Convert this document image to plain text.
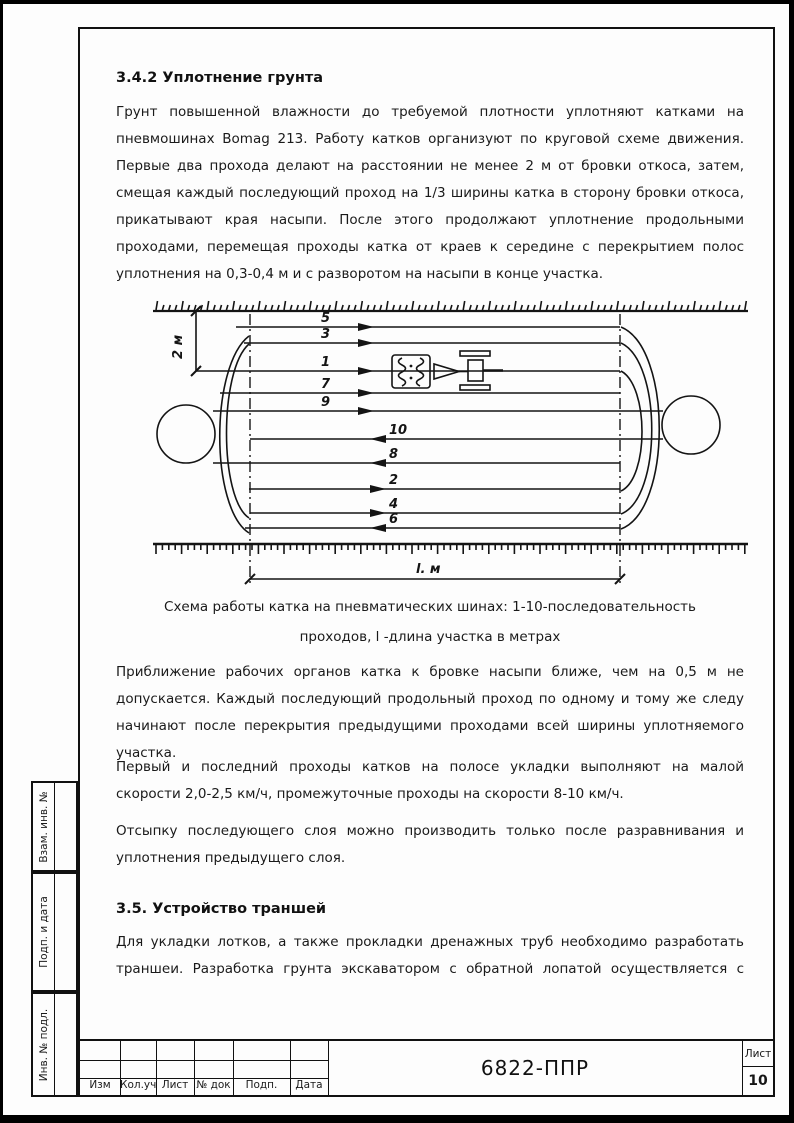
3.4.2 Уплотнение грунта
Грунт повышенной влажности до требуемой плотности уплотняют катками на пневмошинах Bomag 213. Работу катков организуют по круговой схеме движения. Первые два прохода делают на расстоянии не менее 2 м от бровки откоса, затем, смещая каждый последующий проход на 1/3 ширины катка в сторону бровки откоса, прикатывают края насыпи. После этого продолжают уплотнение продольными проходами, перемещая проходы катка от краев к середине с перекрытием полос уплотнения на 0,3-0,4 м и с разворотом на насыпи в конце участка.
2 м
l. м
5
3
1
7
9
10
8
2
4
6
Схема работы катка на пневматических шинах: 1-10-последовательность
проходов, l -длина участка в метрах
Приближение рабочих органов катка к бровке насыпи ближе, чем на 0,5 м не допускается. Каждый последующий продольный проход по одному и тому же следу начинают после перекрытия предыдущими проходами всей ширины уплотняемого участка.
Первый и последний проходы катков на полосе укладки выполняют на малой скорости 2,0-2,5 км/ч, промежуточные проходы на скорости 8-10 км/ч.
Отсыпку последующего слоя можно производить только после разравнивания и уплотнения предыдущего слоя.
3.5. Устройство траншей
Для укладки лотков, а также прокладки дренажных труб необходимо разработать траншеи. Разработка грунта экскаватором с обратной лопатой осуществляется с
Взам. инв. №
Подп. и дата
Инв. № подл.
Изм Кол.уч Лист № док	Подп.	Дата
6822-ППР
Лист
10
